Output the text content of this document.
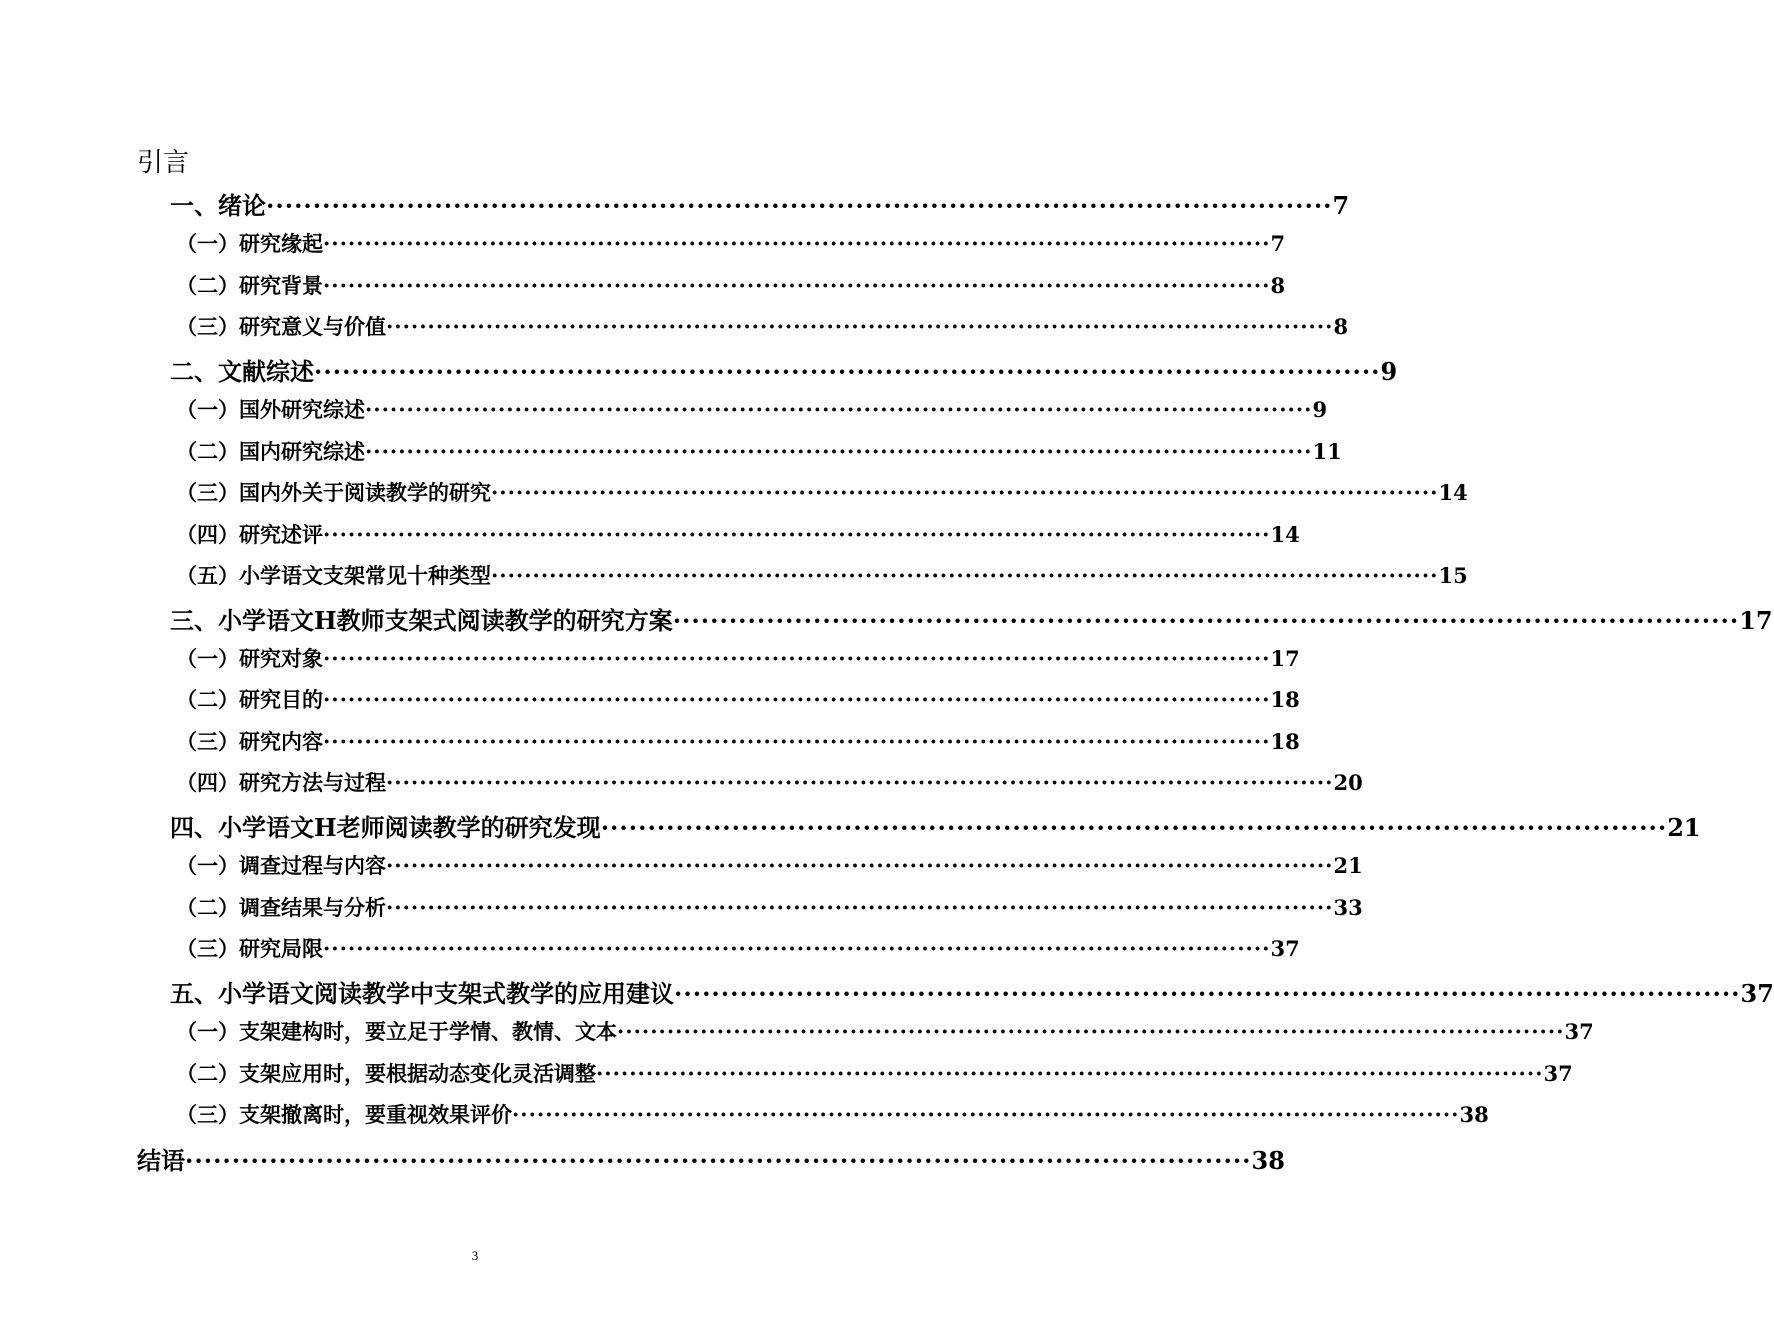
引言
一、绪论 ·················································································································· 7
（一）研究缘起 ·················································································································· 7
（二）研究背景 ·················································································································· 8
（三）研究意义与价值 ·················································································································· 8
二、文献综述 ·················································································································· 9
（一）国外研究综述 ·················································································································· 9
（二）国内研究综述 ·················································································································· 11
（三）国内外关于阅读教学的研究 ·················································································································· 14
（四）研究述评 ·················································································································· 14
（五）小学语文支架常见十种类型 ·················································································································· 15
三、小学语文H教师支架式阅读教学的研究方案 ·················································································································· 17
（一）研究对象 ·················································································································· 17
（二）研究目的 ·················································································································· 18
（三）研究内容 ·················································································································· 18
（四）研究方法与过程 ·················································································································· 20
四、小学语文H老师阅读教学的研究发现 ·················································································································· 21
（一）调查过程与内容 ·················································································································· 21
（二）调查结果与分析 ·················································································································· 33
（三）研究局限 ·················································································································· 37
五、小学语文阅读教学中支架式教学的应用建议 ·················································································································· 37
（一）支架建构时，要立足于学情、教情、文本 ·················································································································· 37
（二）支架应用时，要根据动态变化灵活调整 ·················································································································· 37
（三）支架撤离时，要重视效果评价 ·················································································································· 38
结语 ·················································································································· 38
3
